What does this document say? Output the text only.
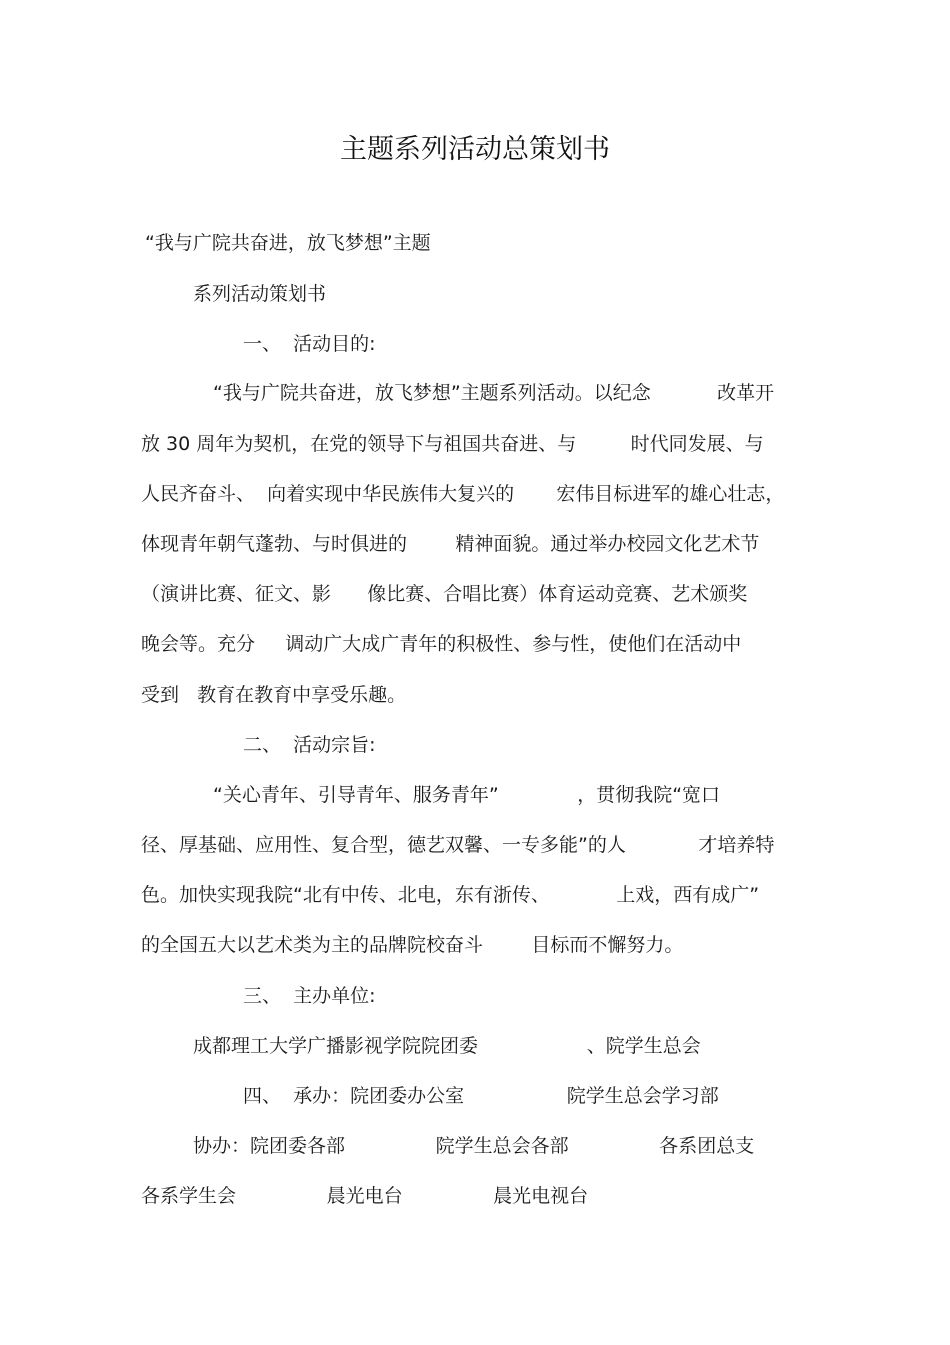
主题系列活动总策划书

“我与广院共奋进，放飞梦想”主题

系列活动策划书

一、  活动目的:

“我与广院共奋进，放飞梦想”主题系列活动。以纪念           改革开

放 30 周年为契机，在党的领导下与祖国共奋进、与         时代同发展、与

人民齐奋斗、  向着实现中华民族伟大复兴的       宏伟目标进军的雄心壮志，

体现青年朝气蓬勃、与时俱进的        精神面貌。通过举办校园文化艺术节

（演讲比赛、征文、影      像比赛、合唱比赛）体育运动竞赛、艺术颁奖

晚会等。充分     调动广大成广青年的积极性、参与性，使他们在活动中

受到   教育在教育中享受乐趣。

二、  活动宗旨:

“关心青年、引导青年、服务青年”             ，贯彻我院“宽口

径、厚基础、应用性、复合型，德艺双馨、一专多能”的人            才培养特

色。加快实现我院“北有中传、北电，东有浙传、           上戏，西有成广”

的全国五大以艺术类为主的品牌院校奋斗        目标而不懈努力。

三、  主办单位:

成都理工大学广播影视学院院团委                  、院学生总会

四、  承办：院团委办公室                 院学生总会学习部

协办：院团委各部               院学生总会各部               各系团总支

各系学生会               晨光电台               晨光电视台
